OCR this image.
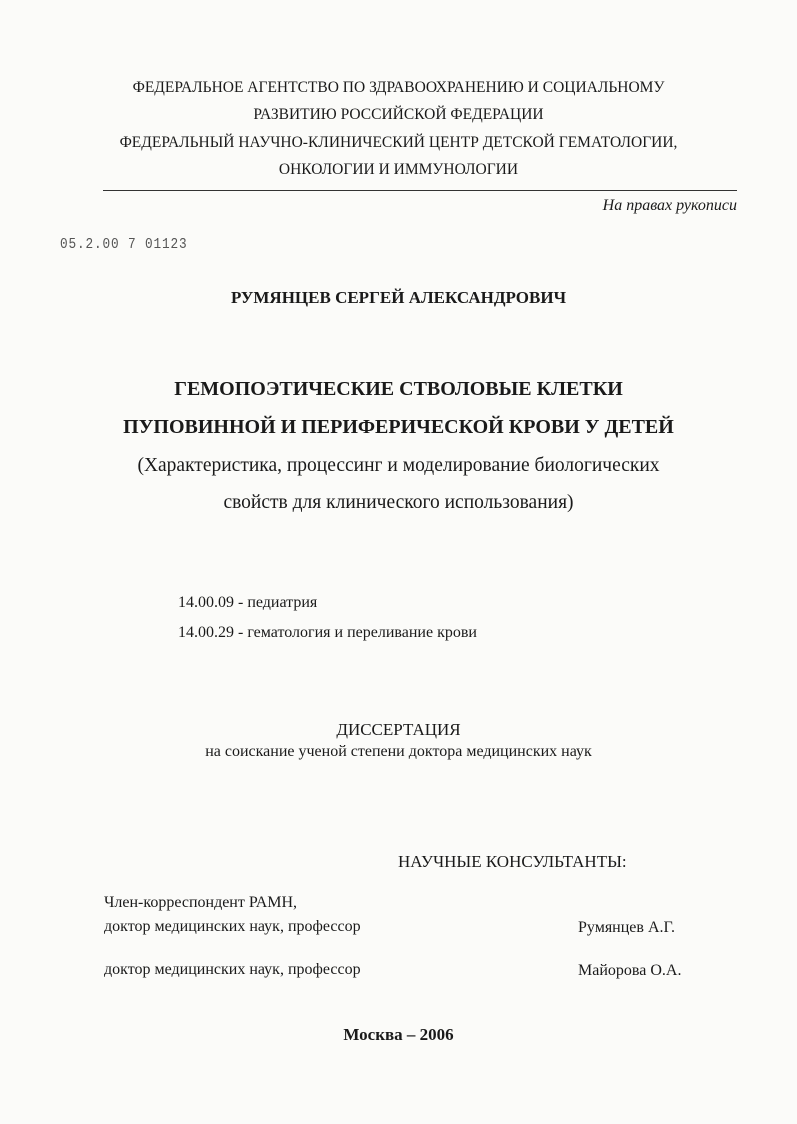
ФЕДЕРАЛЬНОЕ АГЕНТСТВО ПО ЗДРАВООХРАНЕНИЮ И СОЦИАЛЬНОМУ
РАЗВИТИЮ РОССИЙСКОЙ ФЕДЕРАЦИИ
ФЕДЕРАЛЬНЫЙ НАУЧНО-КЛИНИЧЕСКИЙ ЦЕНТР ДЕТСКОЙ ГЕМАТОЛОГИИ,
ОНКОЛОГИИ И ИММУНОЛОГИИ
На правах рукописи
05.2.00 7 01123
РУМЯНЦЕВ СЕРГЕЙ АЛЕКСАНДРОВИЧ
ГЕМОПОЭТИЧЕСКИЕ СТВОЛОВЫЕ КЛЕТКИ
ПУПОВИННОЙ И ПЕРИФЕРИЧЕСКОЙ КРОВИ У ДЕТЕЙ
(Характеристика, процессинг и моделирование биологических
свойств для клинического использования)
14.00.09 - педиатрия
14.00.29 - гематология и переливание крови
ДИССЕРТАЦИЯ
на соискание ученой степени доктора медицинских наук
НАУЧНЫЕ КОНСУЛЬТАНТЫ:
Член-корреспондент РАМН,
доктор медицинских наук, профессор	Румянцев А.Г.
доктор медицинских наук, профессор	Майорова О.А.
Москва – 2006
